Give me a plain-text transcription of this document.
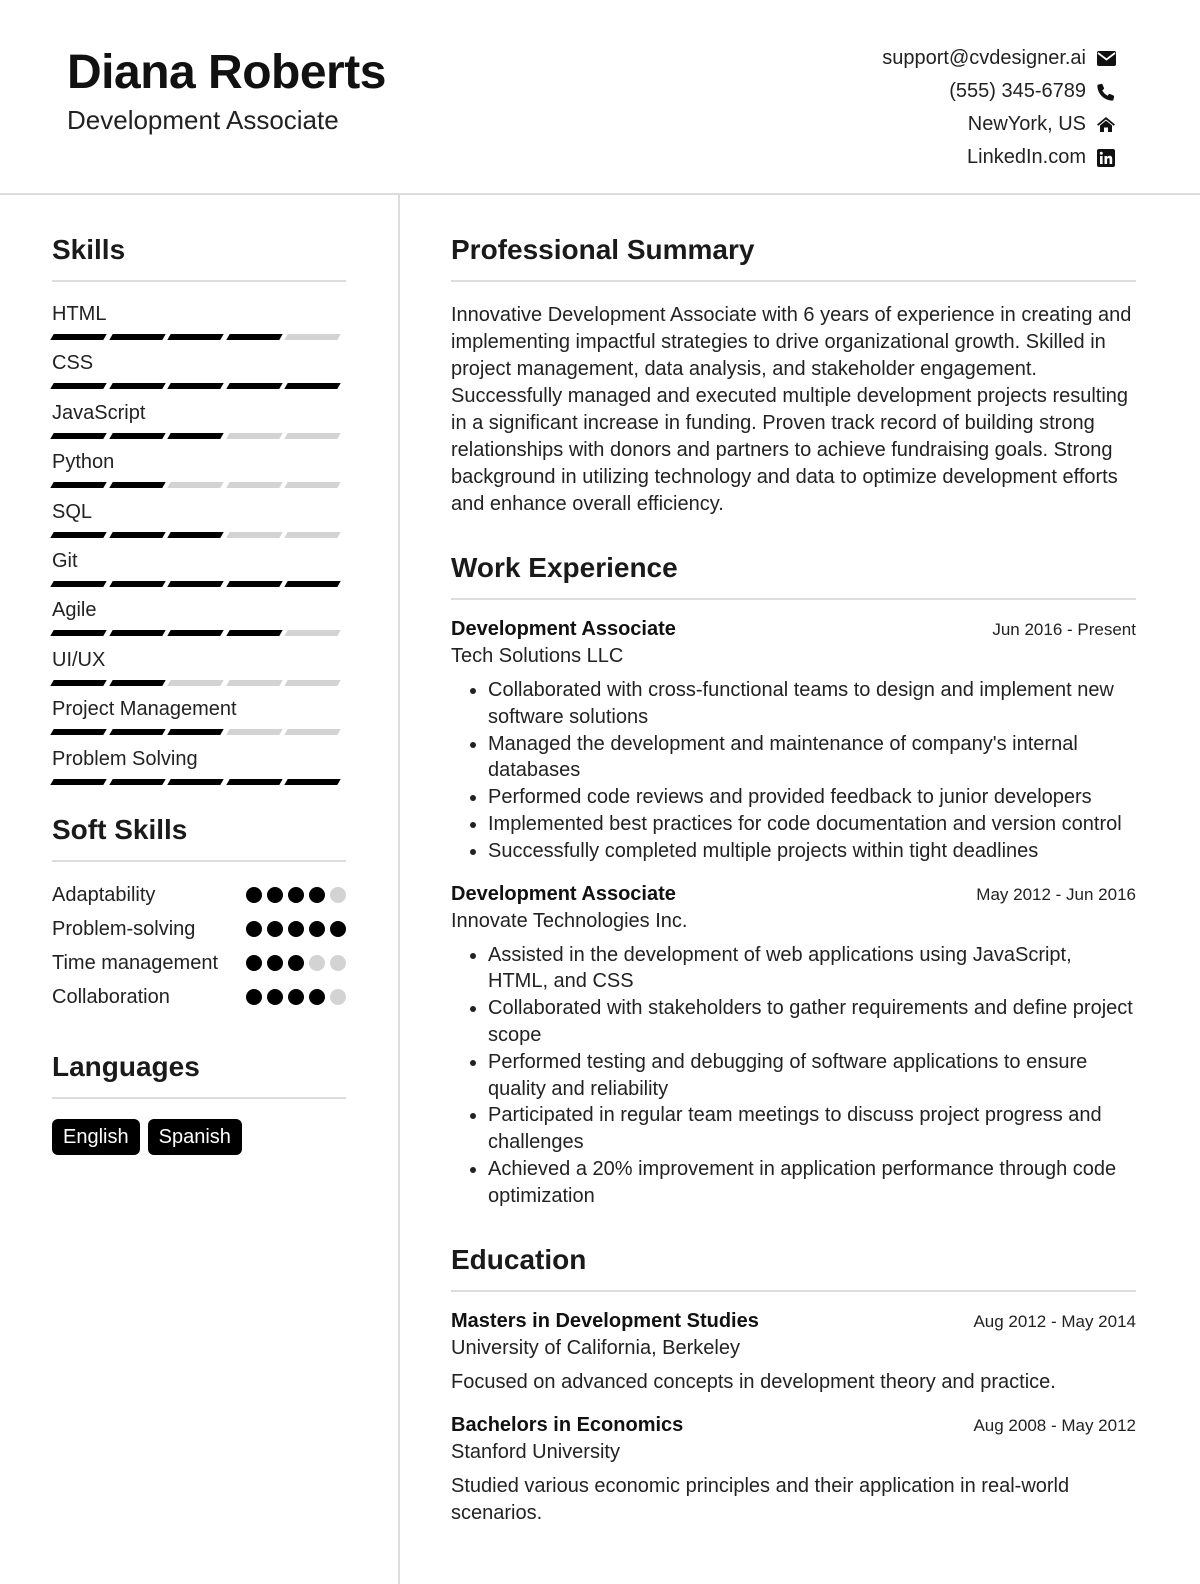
Diana Roberts
Development Associate
support@cvdesigner.ai
(555) 345-6789
NewYork, US
LinkedIn.com
Skills
HTML
CSS
JavaScript
Python
SQL
Git
Agile
UI/UX
Project Management
Problem Solving
Soft Skills
Adaptability
Problem-solving
Time management
Collaboration
Languages
English	Spanish
Professional Summary
Innovative Development Associate with 6 years of experience in creating and implementing impactful strategies to drive organizational growth. Skilled in project management, data analysis, and stakeholder engagement. Successfully managed and executed multiple development projects resulting in a significant increase in funding. Proven track record of building strong relationships with donors and partners to achieve fundraising goals. Strong background in utilizing technology and data to optimize development efforts and enhance overall efficiency.
Work Experience
Development Associate	Jun 2016 - Present
Tech Solutions LLC
• Collaborated with cross-functional teams to design and implement new software solutions
• Managed the development and maintenance of company's internal databases
• Performed code reviews and provided feedback to junior developers
• Implemented best practices for code documentation and version control
• Successfully completed multiple projects within tight deadlines
Development Associate	May 2012 - Jun 2016
Innovate Technologies Inc.
• Assisted in the development of web applications using JavaScript, HTML, and CSS
• Collaborated with stakeholders to gather requirements and define project scope
• Performed testing and debugging of software applications to ensure quality and reliability
• Participated in regular team meetings to discuss project progress and challenges
• Achieved a 20% improvement in application performance through code optimization
Education
Masters in Development Studies	Aug 2012 - May 2014
University of California, Berkeley
Focused on advanced concepts in development theory and practice.
Bachelors in Economics	Aug 2008 - May 2012
Stanford University
Studied various economic principles and their application in real-world scenarios.
